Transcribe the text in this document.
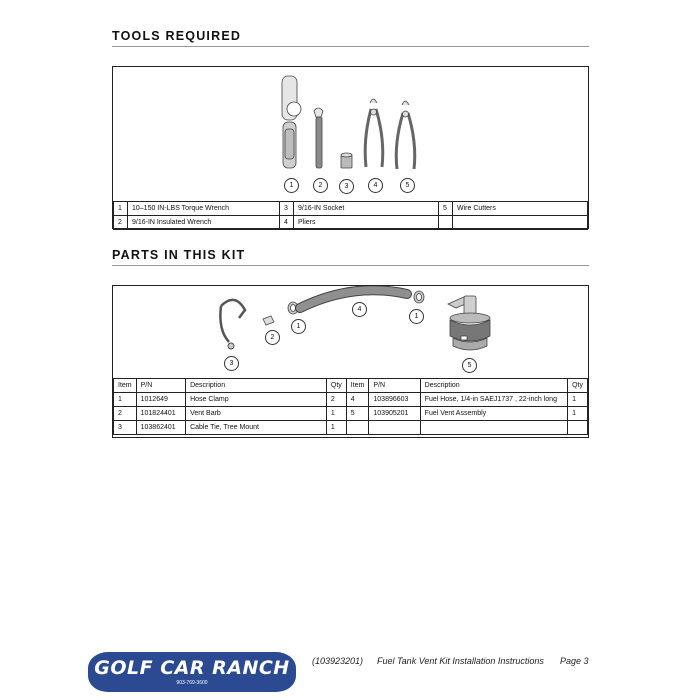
TOOLS REQUIRED
1	2	3	4	5
1	10–150 IN-LBS Torque Wrench	3	9/16-IN Socket	5	Wire Cutters
2	9/16-IN Insulated Wrench	4	Pliers		
PARTS IN THIS KIT
3
2
1
4
1
5
Item	P/N	Description	Qty	Item	P/N	Description	Qty
1	1012649	Hose Clamp	2	4	103896603	Fuel Hose, 1/4-in SAEJ1737 , 22-inch long	1
2	101824401	Vent Barb	1	5	103905201	Fuel Vent Assembly	1
3	103862401	Cable Tie, Tree Mount	1				
GOLF CAR RANCH
903-769-3600
(103923201) Fuel Tank Vent Kit Installation Instructions Page 3
